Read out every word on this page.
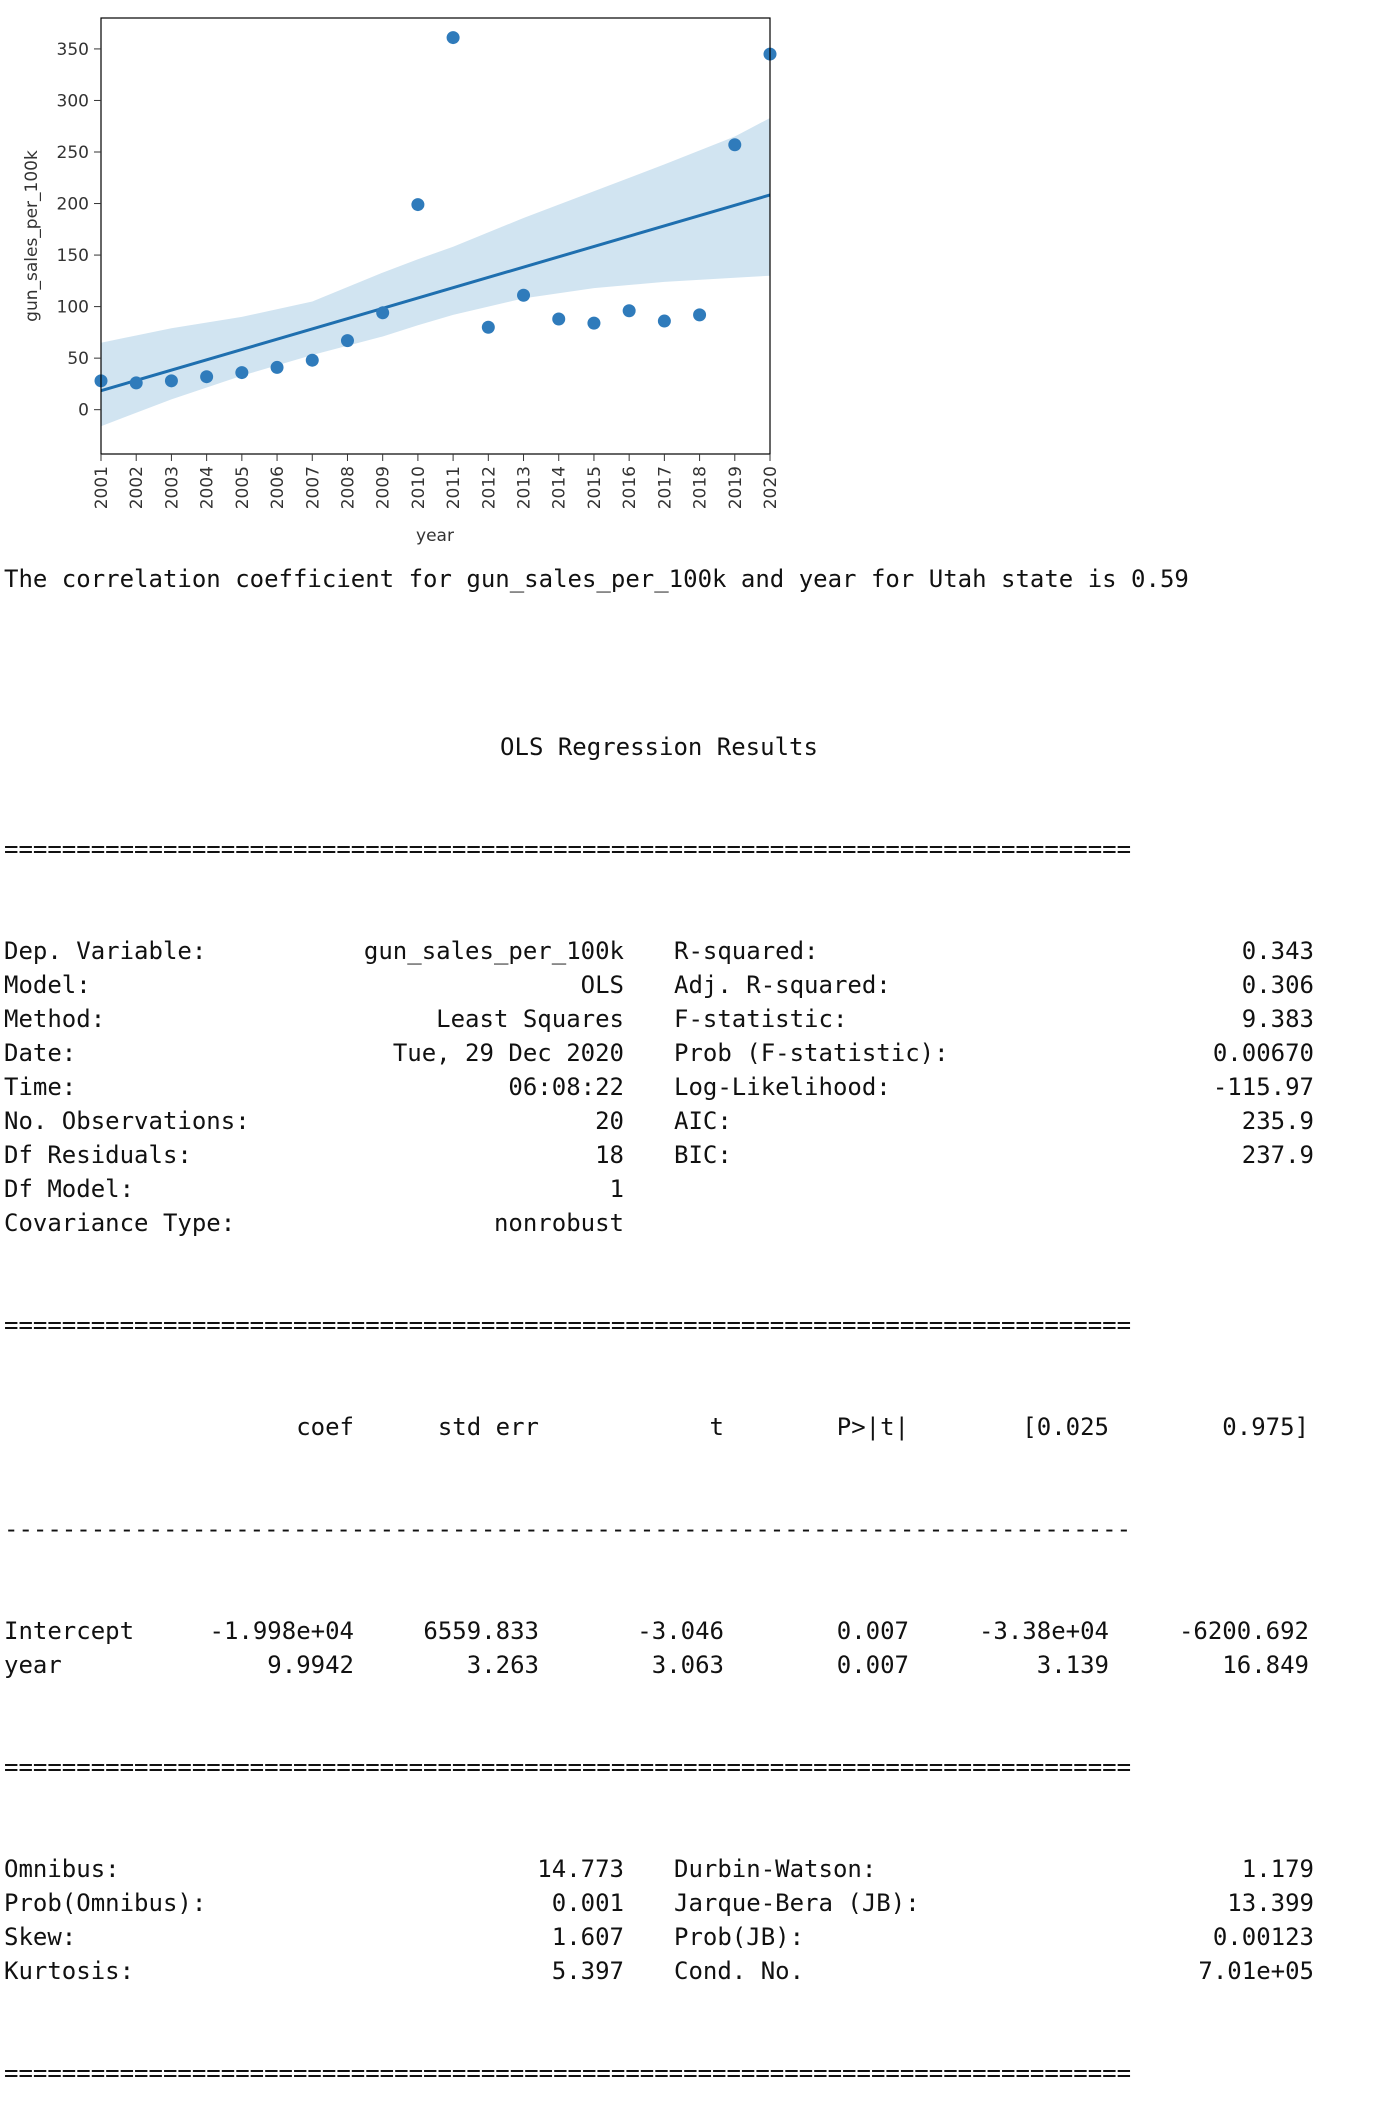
0
50
100
150
200
250
300
350
2001 2002 2003 2004 2005 2006 2007 2008 2009 2010 2011 2012 2013 2014 2015 2016 2017 2018 2019 2020
gun_sales_per_100k
year

The correlation coefficient for gun_sales_per_100k and year for Utah state is 0.59

OLS Regression Results

==============================================================================

Dep. Variable:	gun_sales_per_100k R-squared:	0.343
Model:	OLS Adj. R-squared:	0.306
Method:	Least Squares F-statistic:	9.383
Date:	Tue, 29 Dec 2020 Prob (F-statistic):	0.00670
Time:	06:08:22 Log-Likelihood:	-115.97
No. Observations:	20 AIC:	235.9
Df Residuals:	18 BIC:	237.9
Df Model:	1
Covariance Type:	nonrobust

==============================================================================

coef	std err	t	P>|t|	[0.025	0.975]

------------------------------------------------------------------------------

Intercept	-1.998e+04	6559.833	-3.046	0.007	-3.38e+04	-6200.692
year	9.9942	3.263	3.063	0.007	3.139	16.849

==============================================================================

Omnibus:	14.773 Durbin-Watson:	1.179
Prob(Omnibus):	0.001 Jarque-Bera (JB):	13.399
Skew:	1.607 Prob(JB):	0.00123
Kurtosis:	5.397 Cond. No.	7.01e+05

==============================================================================
